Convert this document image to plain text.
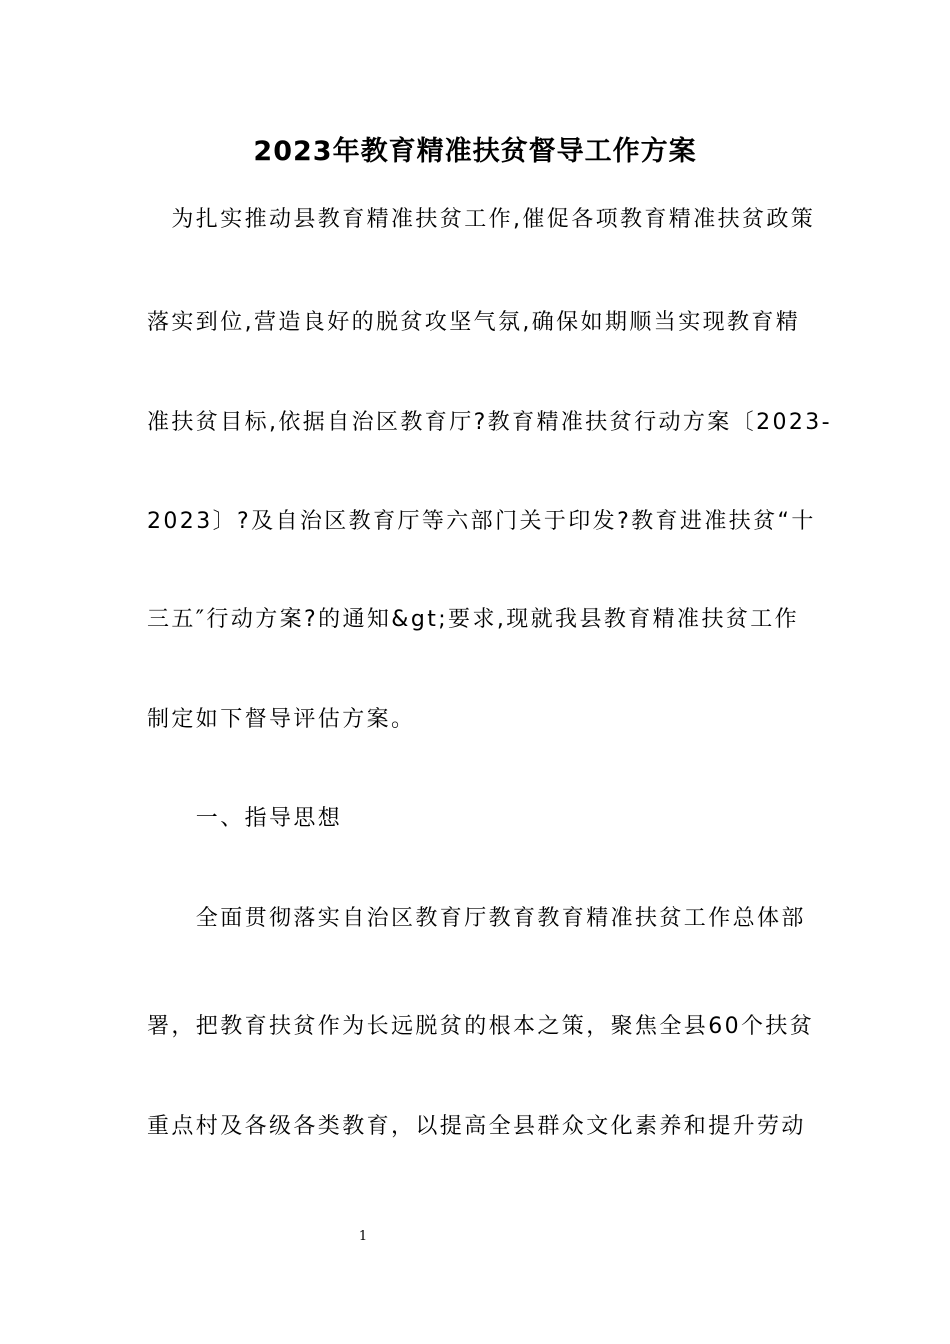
2023年教育精准扶贫督导工作方案
　为扎实推动县教育精准扶贫工作,催促各项教育精准扶贫政策
落实到位,营造良好的脱贫攻坚气氛,确保如期顺当实现教育精
准扶贫目标,依据自治区教育厅?教育精准扶贫行动方案〔2023-
2023〕?及自治区教育厅等六部门关于印发?教育进准扶贫“十
三五″行动方案?的通知&gt;要求,现就我县教育精准扶贫工作
制定如下督导评估方案。
　　一、指导思想
　　全面贯彻落实自治区教育厅教育教育精准扶贫工作总体部
署，把教育扶贫作为长远脱贫的根本之策，聚焦全县60个扶贫
重点村及各级各类教育，以提高全县群众文化素养和提升劳动
1
